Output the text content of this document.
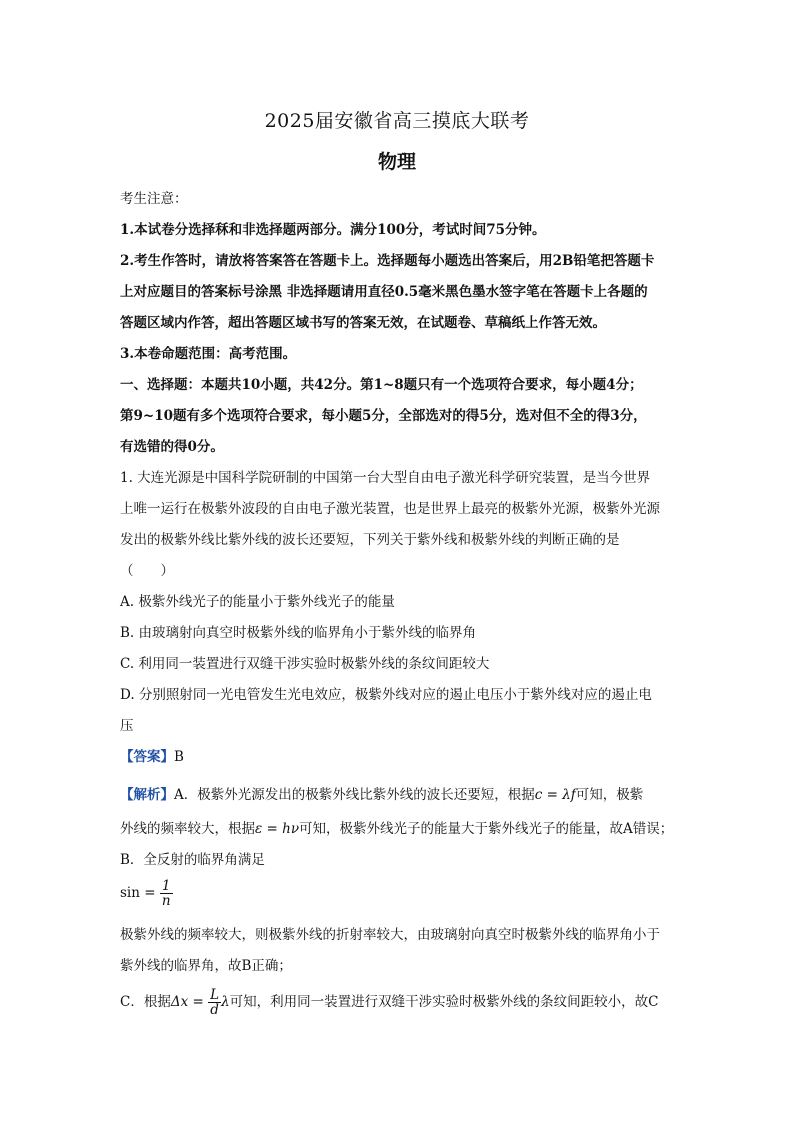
2025届安徽省高三摸底大联考
物理
考生注意：
1.本试卷分选择秝和非选择题两部分。满分100分，考试时间75分钟。
2.考生作答时，请放将答案答在答题卡上。选择题每小题选出答案后，用2B铅笔把答题卡
上对应题目的答案标号涂黑 非选择题请用直径0.5毫米黑色墨水签字笔在答题卡上各题的
答题区域内作答，超出答题区域书写的答案无效，在试题卷、草稿纸上作答无效。
3.本卷命题范围：高考范围。
一、选择题：本题共10小题，共42分。第1~8题只有一个选项符合要求，每小题4分；
第9~10题有多个选项符合要求，每小题5分，全部选对的得5分，选对但不全的得3分，
有选错的得0分。
1. 大连光源是中国科学院研制的中国第一台大型自由电子激光科学研究装置，是当今世界
上唯一运行在极紫外波段的自由电子激光装置，也是世界上最亮的极紫外光源，极紫外光源
发出的极紫外线比紫外线的波长还要短，下列关于紫外线和极紫外线的判断正确的是
（　　）
A. 极紫外线光子的能量小于紫外线光子的能量
B. 由玻璃射向真空时极紫外线的临界角小于紫外线的临界角
C. 利用同一装置进行双缝干涉实验时极紫外线的条纹间距较大
D. 分别照射同一光电管发生光电效应，极紫外线对应的遏止电压小于紫外线对应的遏止电
压
【答案】B
【解析】A．极紫外光源发出的极紫外线比紫外线的波长还要短，根据c = λf可知，极紫
外线的频率较大，根据ε = hν可知，极紫外线光子的能量大于紫外线光子的能量，故A错误；
B．全反射的临界角满足
$\sin = \frac{1}{n}$
极紫外线的频率较大，则极紫外线的折射率较大，由玻璃射向真空时极紫外线的临界角小于
紫外线的临界角，故B正确；
C．根据$\Delta x = \frac{L}{d}$ λ可知，利用同一装置进行双缝干涉实验时极紫外线的条纹间距较小，故C
